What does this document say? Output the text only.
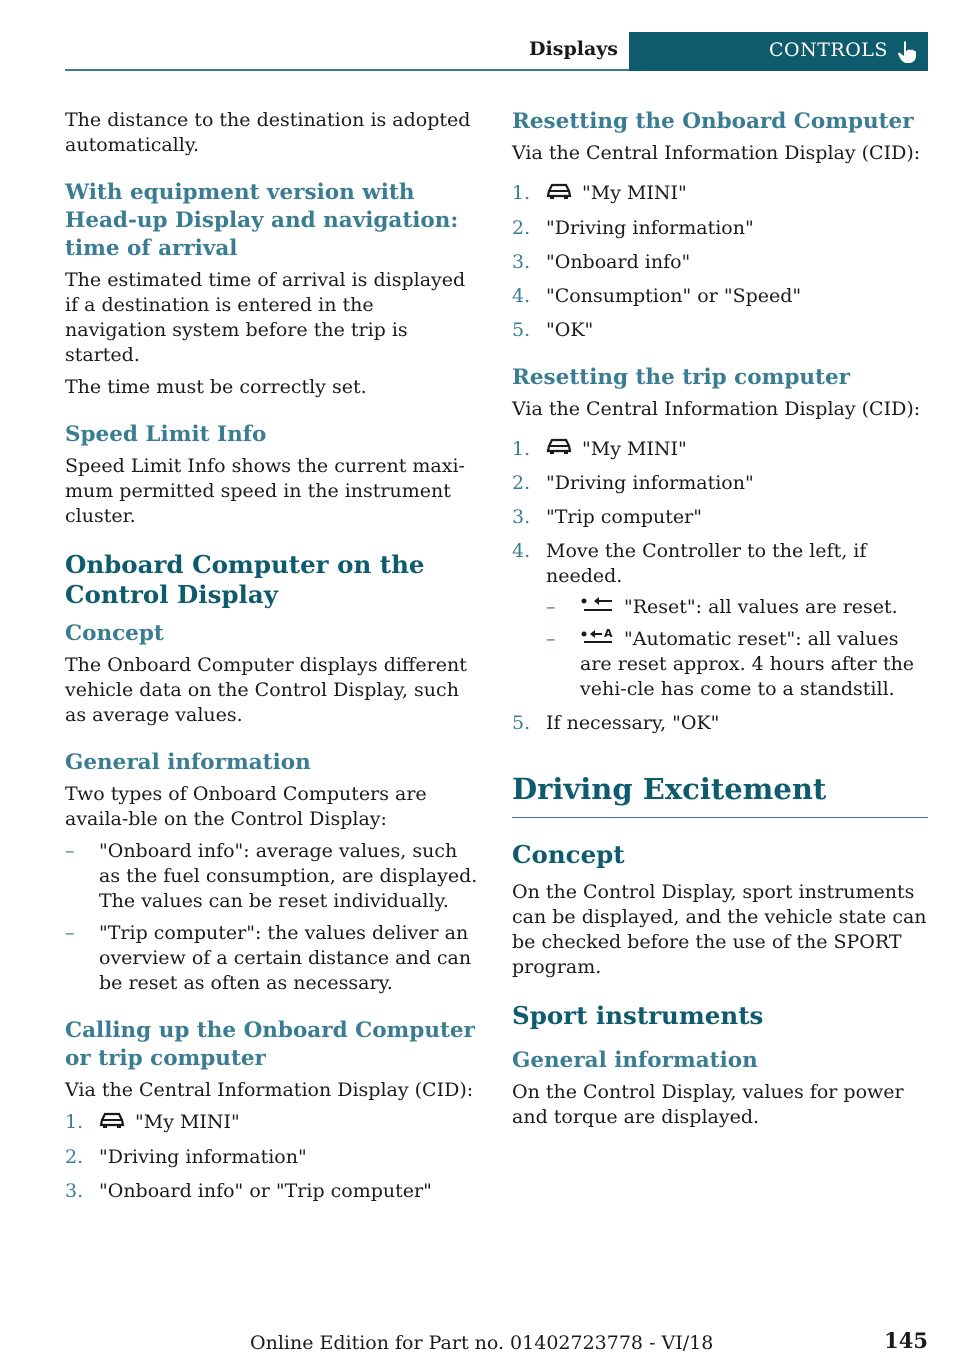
Displays	CONTROLS

The distance to the destination is adopted automatically.

With equipment version with Head-up Display and navigation: time of arrival

The estimated time of arrival is displayed if a destination is entered in the navigation system before the trip is started.

The time must be correctly set.

Speed Limit Info

Speed Limit Info shows the current maxi-mum permitted speed in the instrument cluster.

Onboard Computer on the Control Display
Concept

The Onboard Computer displays different vehicle data on the Control Display, such as average values.

General information

Two types of Onboard Computers are availa-ble on the Control Display:

– "Onboard info": average values, such as the fuel consumption, are displayed. The values can be reset individually.
– "Trip computer": the values deliver an overview of a certain distance and can be reset as often as necessary.
Calling up the Onboard Computer or trip computer

Via the Central Information Display (CID):

1.	"My MINI"
2. "Driving information"
3. "Onboard info" or "Trip computer"
Resetting the Onboard Computer

Via the Central Information Display (CID):

1.	"My MINI"
2. "Driving information"
3. "Onboard info"
4. "Consumption" or "Speed"
5. "OK"
Resetting the trip computer

Via the Central Information Display (CID):

1.	"My MINI"
2. "Driving information"
3. "Trip computer"
4. Move the Controller to the left, if needed.
–	"Reset": all values are reset.
–	A "Automatic reset": all values are reset approx. 4 hours after the vehi-cle has come to a standstill.
5. If necessary, "OK"
Driving Excitement
Concept

On the Control Display, sport instruments can be displayed, and the vehicle state can be checked before the use of the SPORT program.

Sport instruments
General information

On the Control Display, values for power and torque are displayed.

Online Edition for Part no. 01402723778 - VI/18	145
